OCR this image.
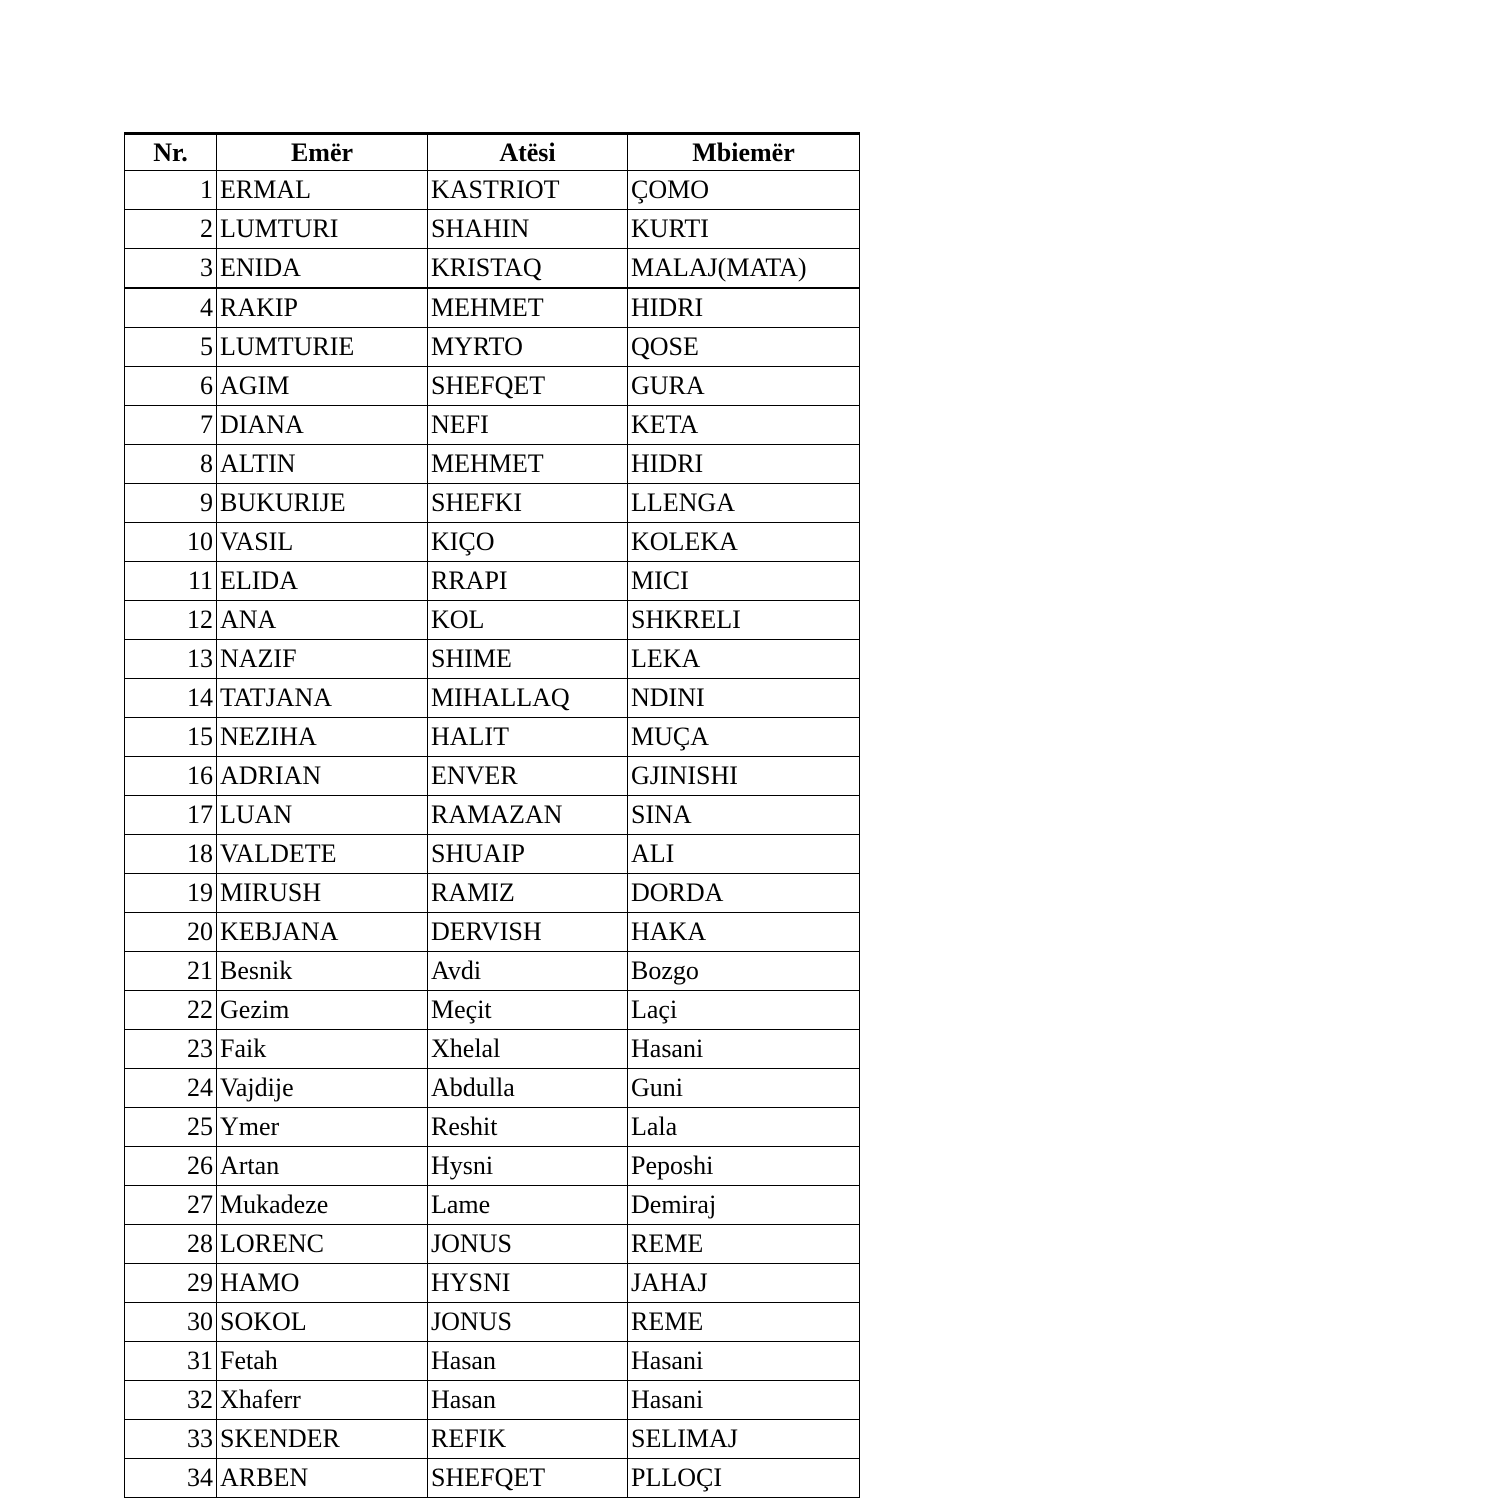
Nr.	Emër	Atësi	Mbiemër
1	ERMAL	KASTRIOT	ÇOMO
2	LUMTURI	SHAHIN	KURTI
3	ENIDA	KRISTAQ	MALAJ(MATA)
4	RAKIP	MEHMET	HIDRI
5	LUMTURIE	MYRTO	QOSE
6	AGIM	SHEFQET	GURA
7	DIANA	NEFI	KETA
8	ALTIN	MEHMET	HIDRI
9	BUKURIJE	SHEFKI	LLENGA
10	VASIL	KIÇO	KOLEKA
11	ELIDA	RRAPI	MICI
12	ANA	KOL	SHKRELI
13	NAZIF	SHIME	LEKA
14	TATJANA	MIHALLAQ	NDINI
15	NEZIHA	HALIT	MUÇA
16	ADRIAN	ENVER	GJINISHI
17	LUAN	RAMAZAN	SINA
18	VALDETE	SHUAIP	ALI
19	MIRUSH	RAMIZ	DORDA
20	KEBJANA	DERVISH	HAKA
21	Besnik	Avdi	Bozgo
22	Gezim	Meçit	Laçi
23	Faik	Xhelal	Hasani
24	Vajdije	Abdulla	Guni
25	Ymer	Reshit	Lala
26	Artan	Hysni	Peposhi
27	Mukadeze	Lame	Demiraj
28	LORENC	JONUS	REME
29	HAMO	HYSNI	JAHAJ
30	SOKOL	JONUS	REME
31	Fetah	Hasan	Hasani
32	Xhaferr	Hasan	Hasani
33	SKENDER	REFIK	SELIMAJ
34	ARBEN	SHEFQET	PLLOÇI
